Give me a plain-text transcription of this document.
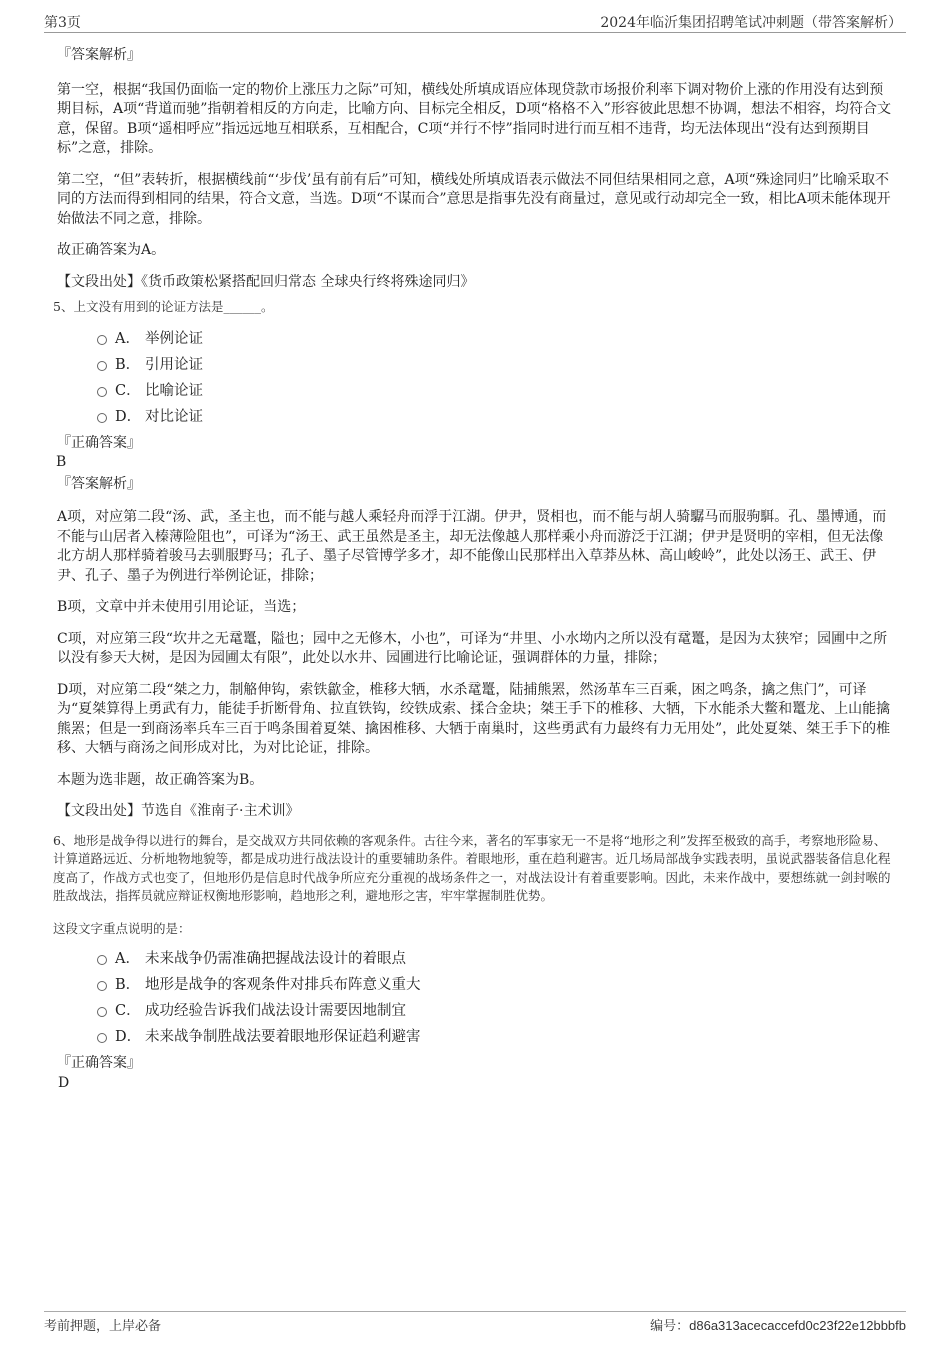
第3页	2024年临沂集团招聘笔试冲刺题（带答案解析）

『答案解析』

第一空，根据“我国仍面临一定的物价上涨压力之际”可知，横线处所填成语应体现贷款市场报价利率下调对物价上涨的作用没有达到预期目标，A项“背道而驰”指朝着相反的方向走，比喻方向、目标完全相反，D项“格格不入”形容彼此思想不协调，想法不相容，均符合文意，保留。B项“遥相呼应”指远远地互相联系，互相配合，C项“并行不悖”指同时进行而互相不违背，均无法体现出“没有达到预期目标”之意，排除。

第二空，“但”表转折，根据横线前“‘步伐’虽有前有后”可知，横线处所填成语表示做法不同但结果相同之意，A项“殊途同归”比喻采取不同的方法而得到相同的结果，符合文意，当选。D项“不谋而合”意思是指事先没有商量过，意见或行动却完全一致，相比A项未能体现开始做法不同之意，排除。

故正确答案为A。

【文段出处】《货币政策松紧搭配回归常态 全球央行终将殊途同归》

5、上文没有用到的论证方法是______。

A． 举例论证
B． 引用论证
C． 比喻论证
D． 对比论证

『正确答案』

B

『答案解析』

A项，对应第二段“汤、武，圣主也，而不能与越人乘轻舟而浮于江湖。伊尹，贤相也，而不能与胡人骑驏马而服驹駬。孔、墨博通，而不能与山居者入榛薄险阻也”，可译为“汤王、武王虽然是圣主，却无法像越人那样乘小舟而游泛于江湖；伊尹是贤明的宰相，但无法像北方胡人那样骑着骏马去驯服野马；孔子、墨子尽管博学多才，却不能像山民那样出入草莽丛林、高山峻岭”，此处以汤王、武王、伊尹、孔子、墨子为例进行举例论证，排除；

B项，文章中并未使用引用论证，当选；

C项，对应第三段“坎井之无鼋鼍，隘也；园中之无修木，小也”，可译为“井里、小水坳内之所以没有鼋鼍，是因为太狭窄；园圃中之所以没有参天大树，是因为园圃太有限”，此处以水井、园圃进行比喻论证，强调群体的力量，排除；

D项，对应第二段“桀之力，制觡伸钩，索铁歙金，椎移大牺，水杀鼋鼍，陆捕熊罴，然汤革车三百乘，困之鸣条，擒之焦门”，可译为“夏桀算得上勇武有力，能徒手折断骨角、拉直铁钩，绞铁成索、揉合金块；桀王手下的椎移、大牺，下水能杀大鳖和鼍龙、上山能擒熊罴；但是一到商汤率兵车三百于鸣条围着夏桀、擒困椎移、大牺于南巢时，这些勇武有力最终有力无用处”，此处夏桀、桀王手下的椎移、大牺与商汤之间形成对比，为对比论证，排除。

本题为选非题，故正确答案为B。

【文段出处】节选自《淮南子·主术训》

6、地形是战争得以进行的舞台，是交战双方共同依赖的客观条件。古往今来，著名的军事家无一不是将“地形之利”发挥至极致的高手，考察地形险易、计算道路远近、分析地物地貌等，都是成功进行战法设计的重要辅助条件。着眼地形，重在趋利避害。近几场局部战争实践表明，虽说武器装备信息化程度高了，作战方式也变了，但地形仍是信息时代战争所应充分重视的战场条件之一，对战法设计有着重要影响。因此，未来作战中，要想练就一剑封喉的胜敌战法，指挥员就应辩证权衡地形影响，趋地形之利，避地形之害，牢牢掌握制胜优势。

这段文字重点说明的是：

A． 未来战争仍需准确把握战法设计的着眼点
B． 地形是战争的客观条件对排兵布阵意义重大
C． 成功经验告诉我们战法设计需要因地制宜
D． 未来战争制胜战法要着眼地形保证趋利避害

『正确答案』

D

考前押题，上岸必备	编号：d86a313acecaccefd0c23f22e12bbbfb
